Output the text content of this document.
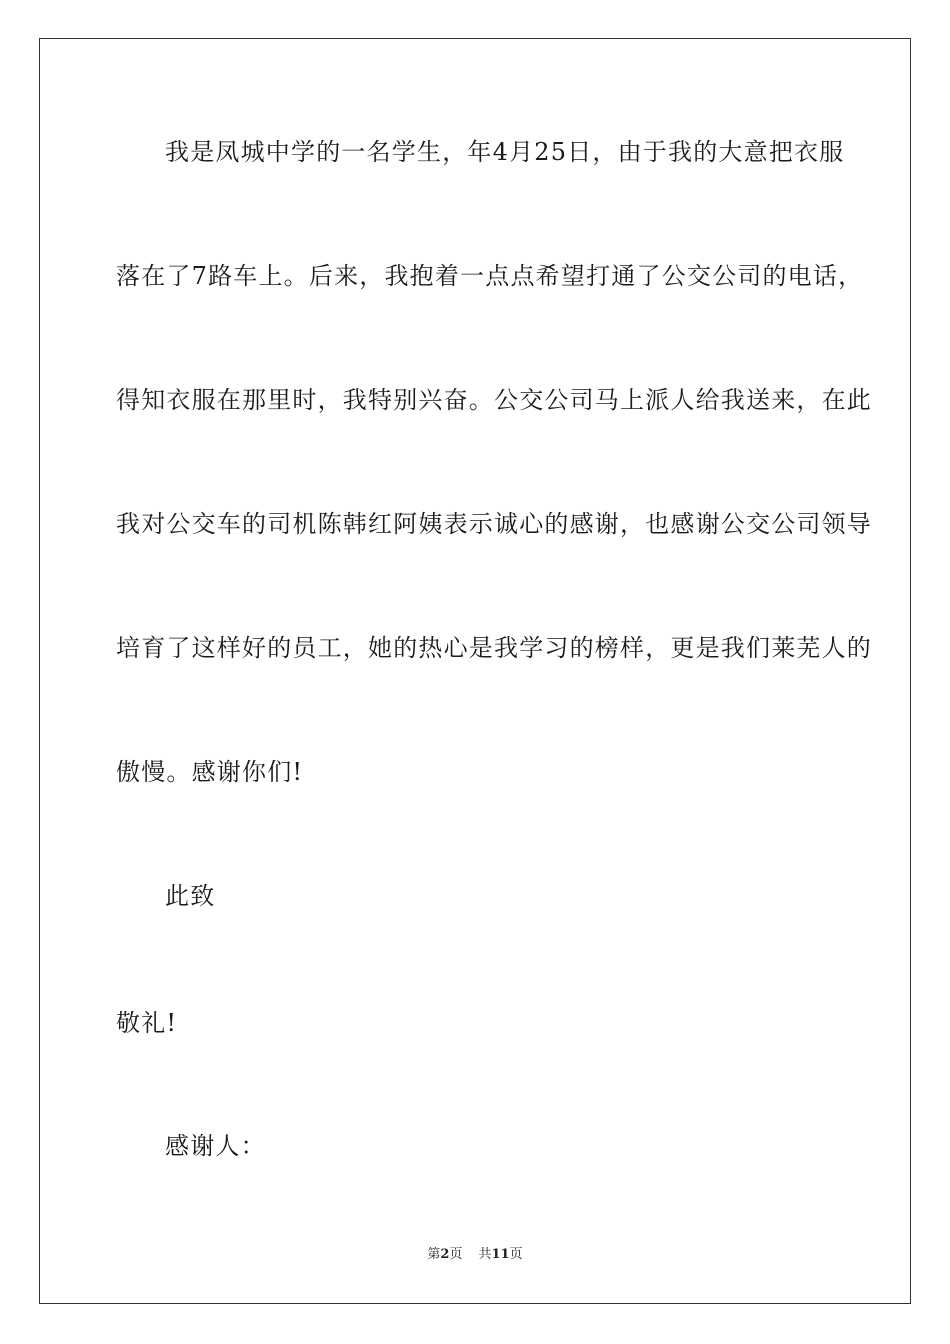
我是凤城中学的一名学生，年4月25日，由于我的大意把衣服
落在了7路车上。后来，我抱着一点点希望打通了公交公司的电话，
得知衣服在那里时，我特别兴奋。公交公司马上派人给我送来，在此
我对公交车的司机陈韩红阿姨表示诚心的感谢，也感谢公交公司领导
培育了这样好的员工，她的热心是我学习的榜样，更是我们莱芜人的
傲慢。感谢你们!
此致
敬礼!
感谢人：
第2页 共11页
